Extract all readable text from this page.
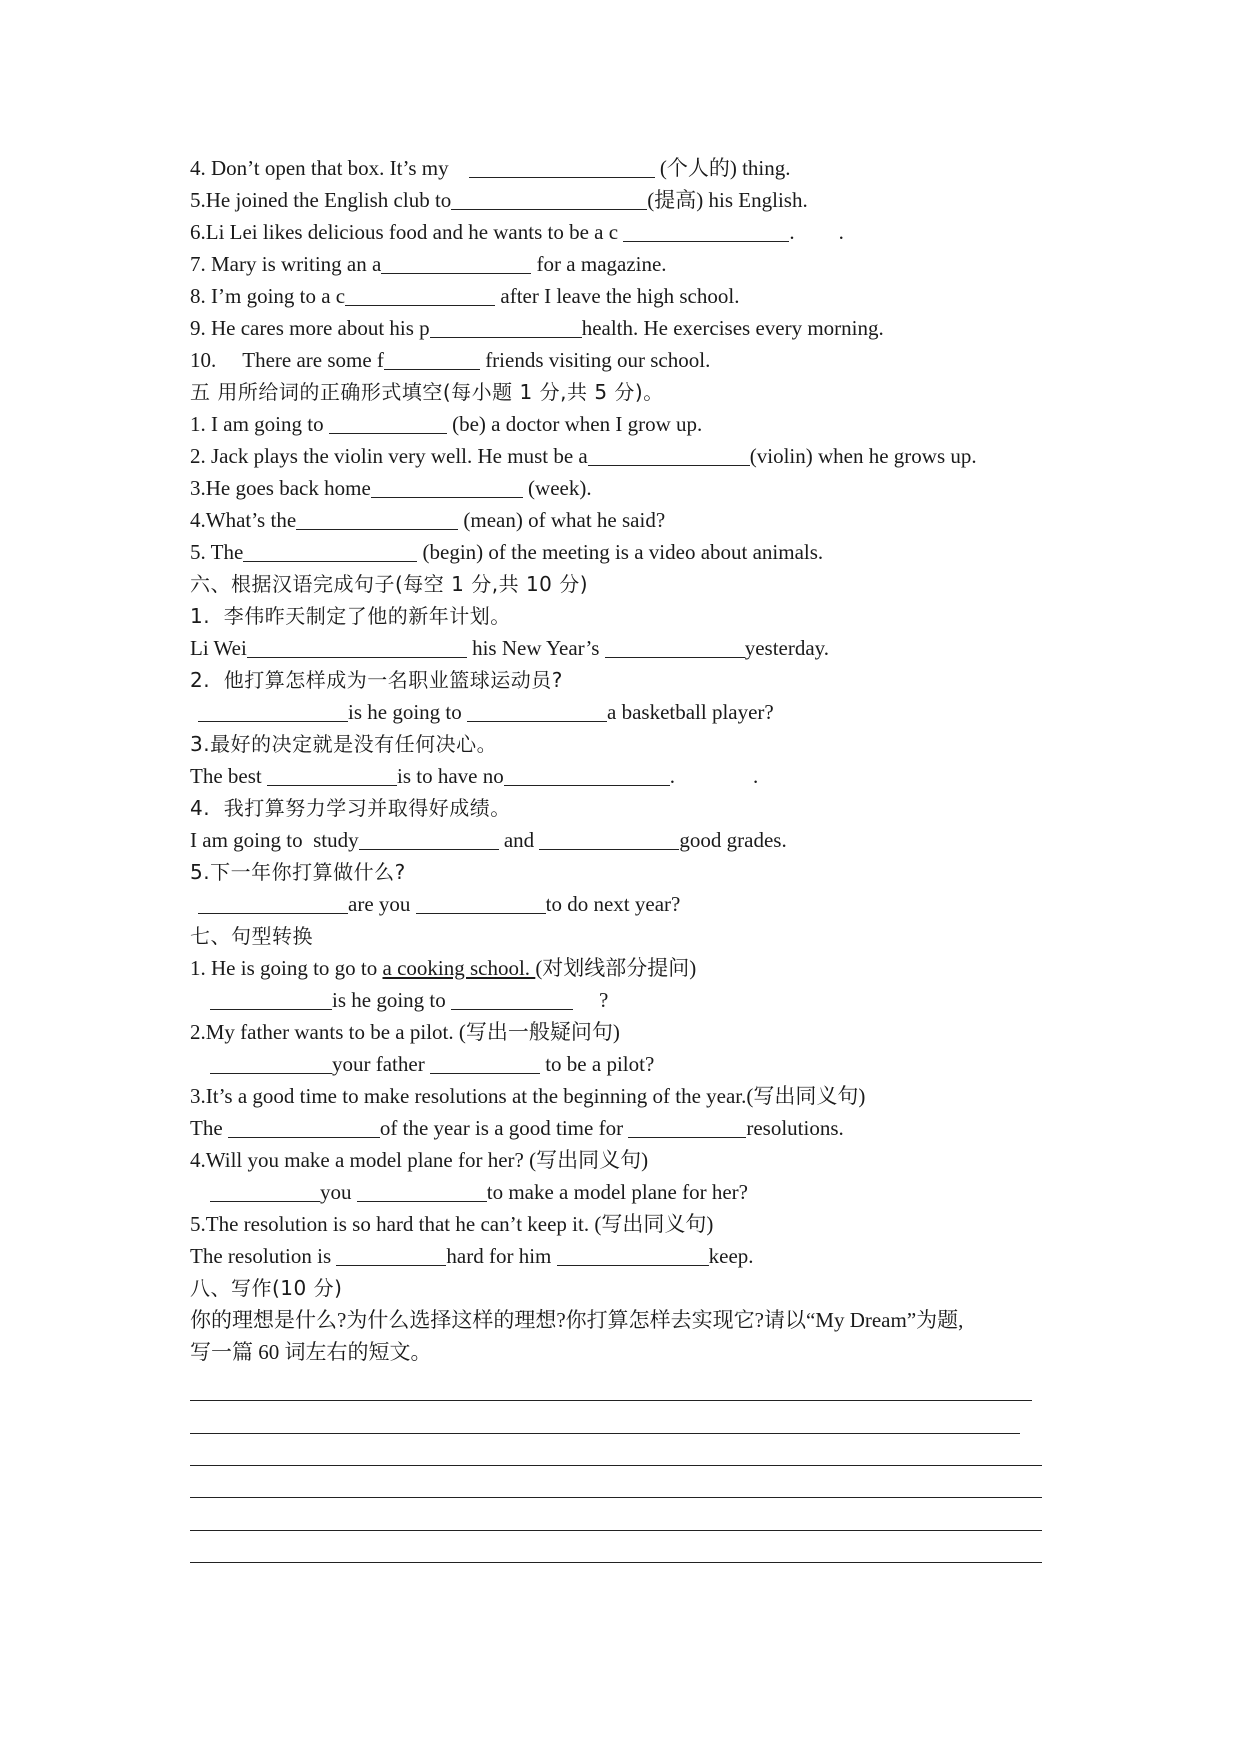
4. Don’t open that box. It’s my	(个人的) thing.
5.He joined the English club to	(提高) his English.
6.Li Lei likes delicious food and he wants to be a c	. .
7. Mary is writing an a	for a magazine.
8. I’m going to a c	after I leave the high school.
9. He cares more about his p	health. He exercises every morning.
10. There are some f	friends visiting our school.
五 用所给词的正确形式填空(每小题 1 分,共 5 分)。
1. I am going to	(be) a doctor when I grow up.
2. Jack plays the violin very well. He must be a	(violin) when he grows up.
3.He goes back home	(week).
4.What’s the	(mean) of what he said?
5. The	(begin) of the meeting is a video about animals.
六、根据汉语完成句子(每空 1 分,共 10 分)
1.  李伟昨天制定了他的新年计划。
Li Wei	his New Year’s	yesterday.
2.  他打算怎样成为一名职业篮球运动员?
is he going to	a basketball player?
3.最好的决定就是没有任何决心。
The best	is to have no	.	.
4.  我打算努力学习并取得好成绩。
I am going to  study	and	good grades.
5.下一年你打算做什么?
are you	to do next year?
七、句型转换
1. He is going to go to a cooking school. (对划线部分提问)
is he going to	?
2.My father wants to be a pilot. (写出一般疑问句)
your father	to be a pilot?
3.It’s a good time to make resolutions at the beginning of the year.(写出同义句)
The	of the year is a good time for	resolutions.
4.Will you make a model plane for her? (写出同义句)
you	to make a model plane for her?
5.The resolution is so hard that he can’t keep it. (写出同义句)
The resolution is	hard for him	keep.
八、写作(10 分)
你的理想是什么?为什么选择这样的理想?你打算怎样去实现它?请以“My Dream”为题,
写一篇 60 词左右的短文。
